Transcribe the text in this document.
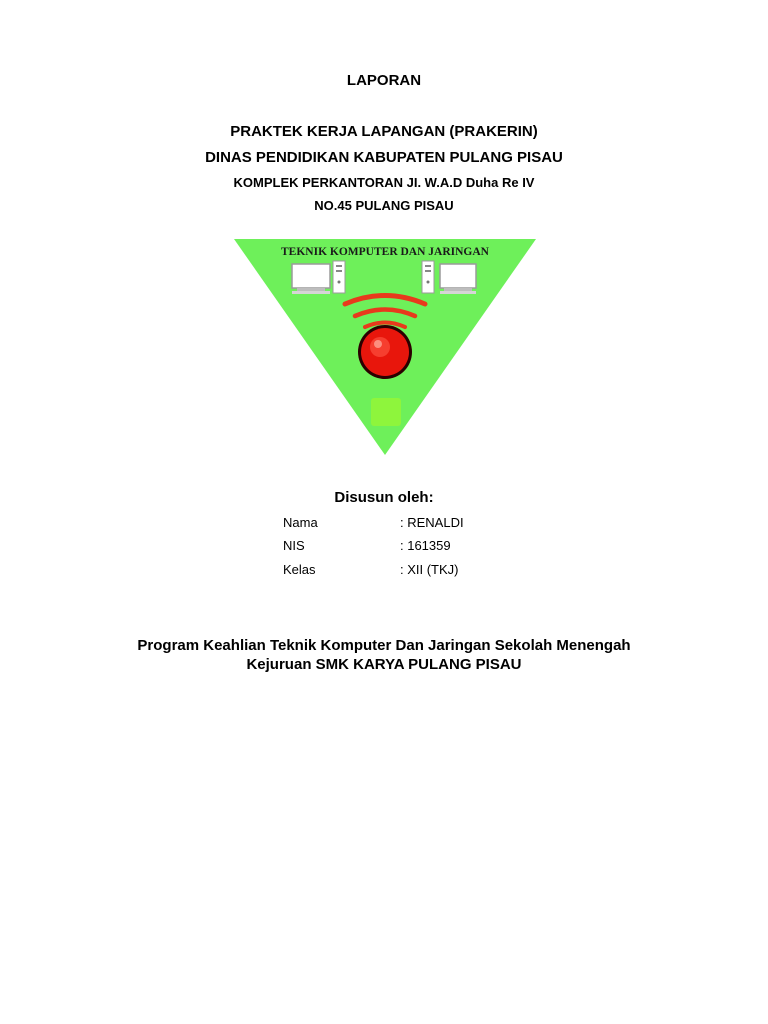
LAPORAN
PRAKTEK KERJA LAPANGAN (PRAKERIN)
DINAS PENDIDIKAN KABUPATEN PULANG PISAU
KOMPLEK PERKANTORAN JI. W.A.D Duha Re IV
NO.45 PULANG PISAU
TEKNIK KOMPUTER DAN JARINGAN
Disusun oleh:
Nama	: RENALDI
NIS	: 161359
Kelas	: XII (TKJ)
Program Keahlian Teknik Komputer Dan Jaringan Sekolah Menengah
Kejuruan SMK KARYA PULANG PISAU
